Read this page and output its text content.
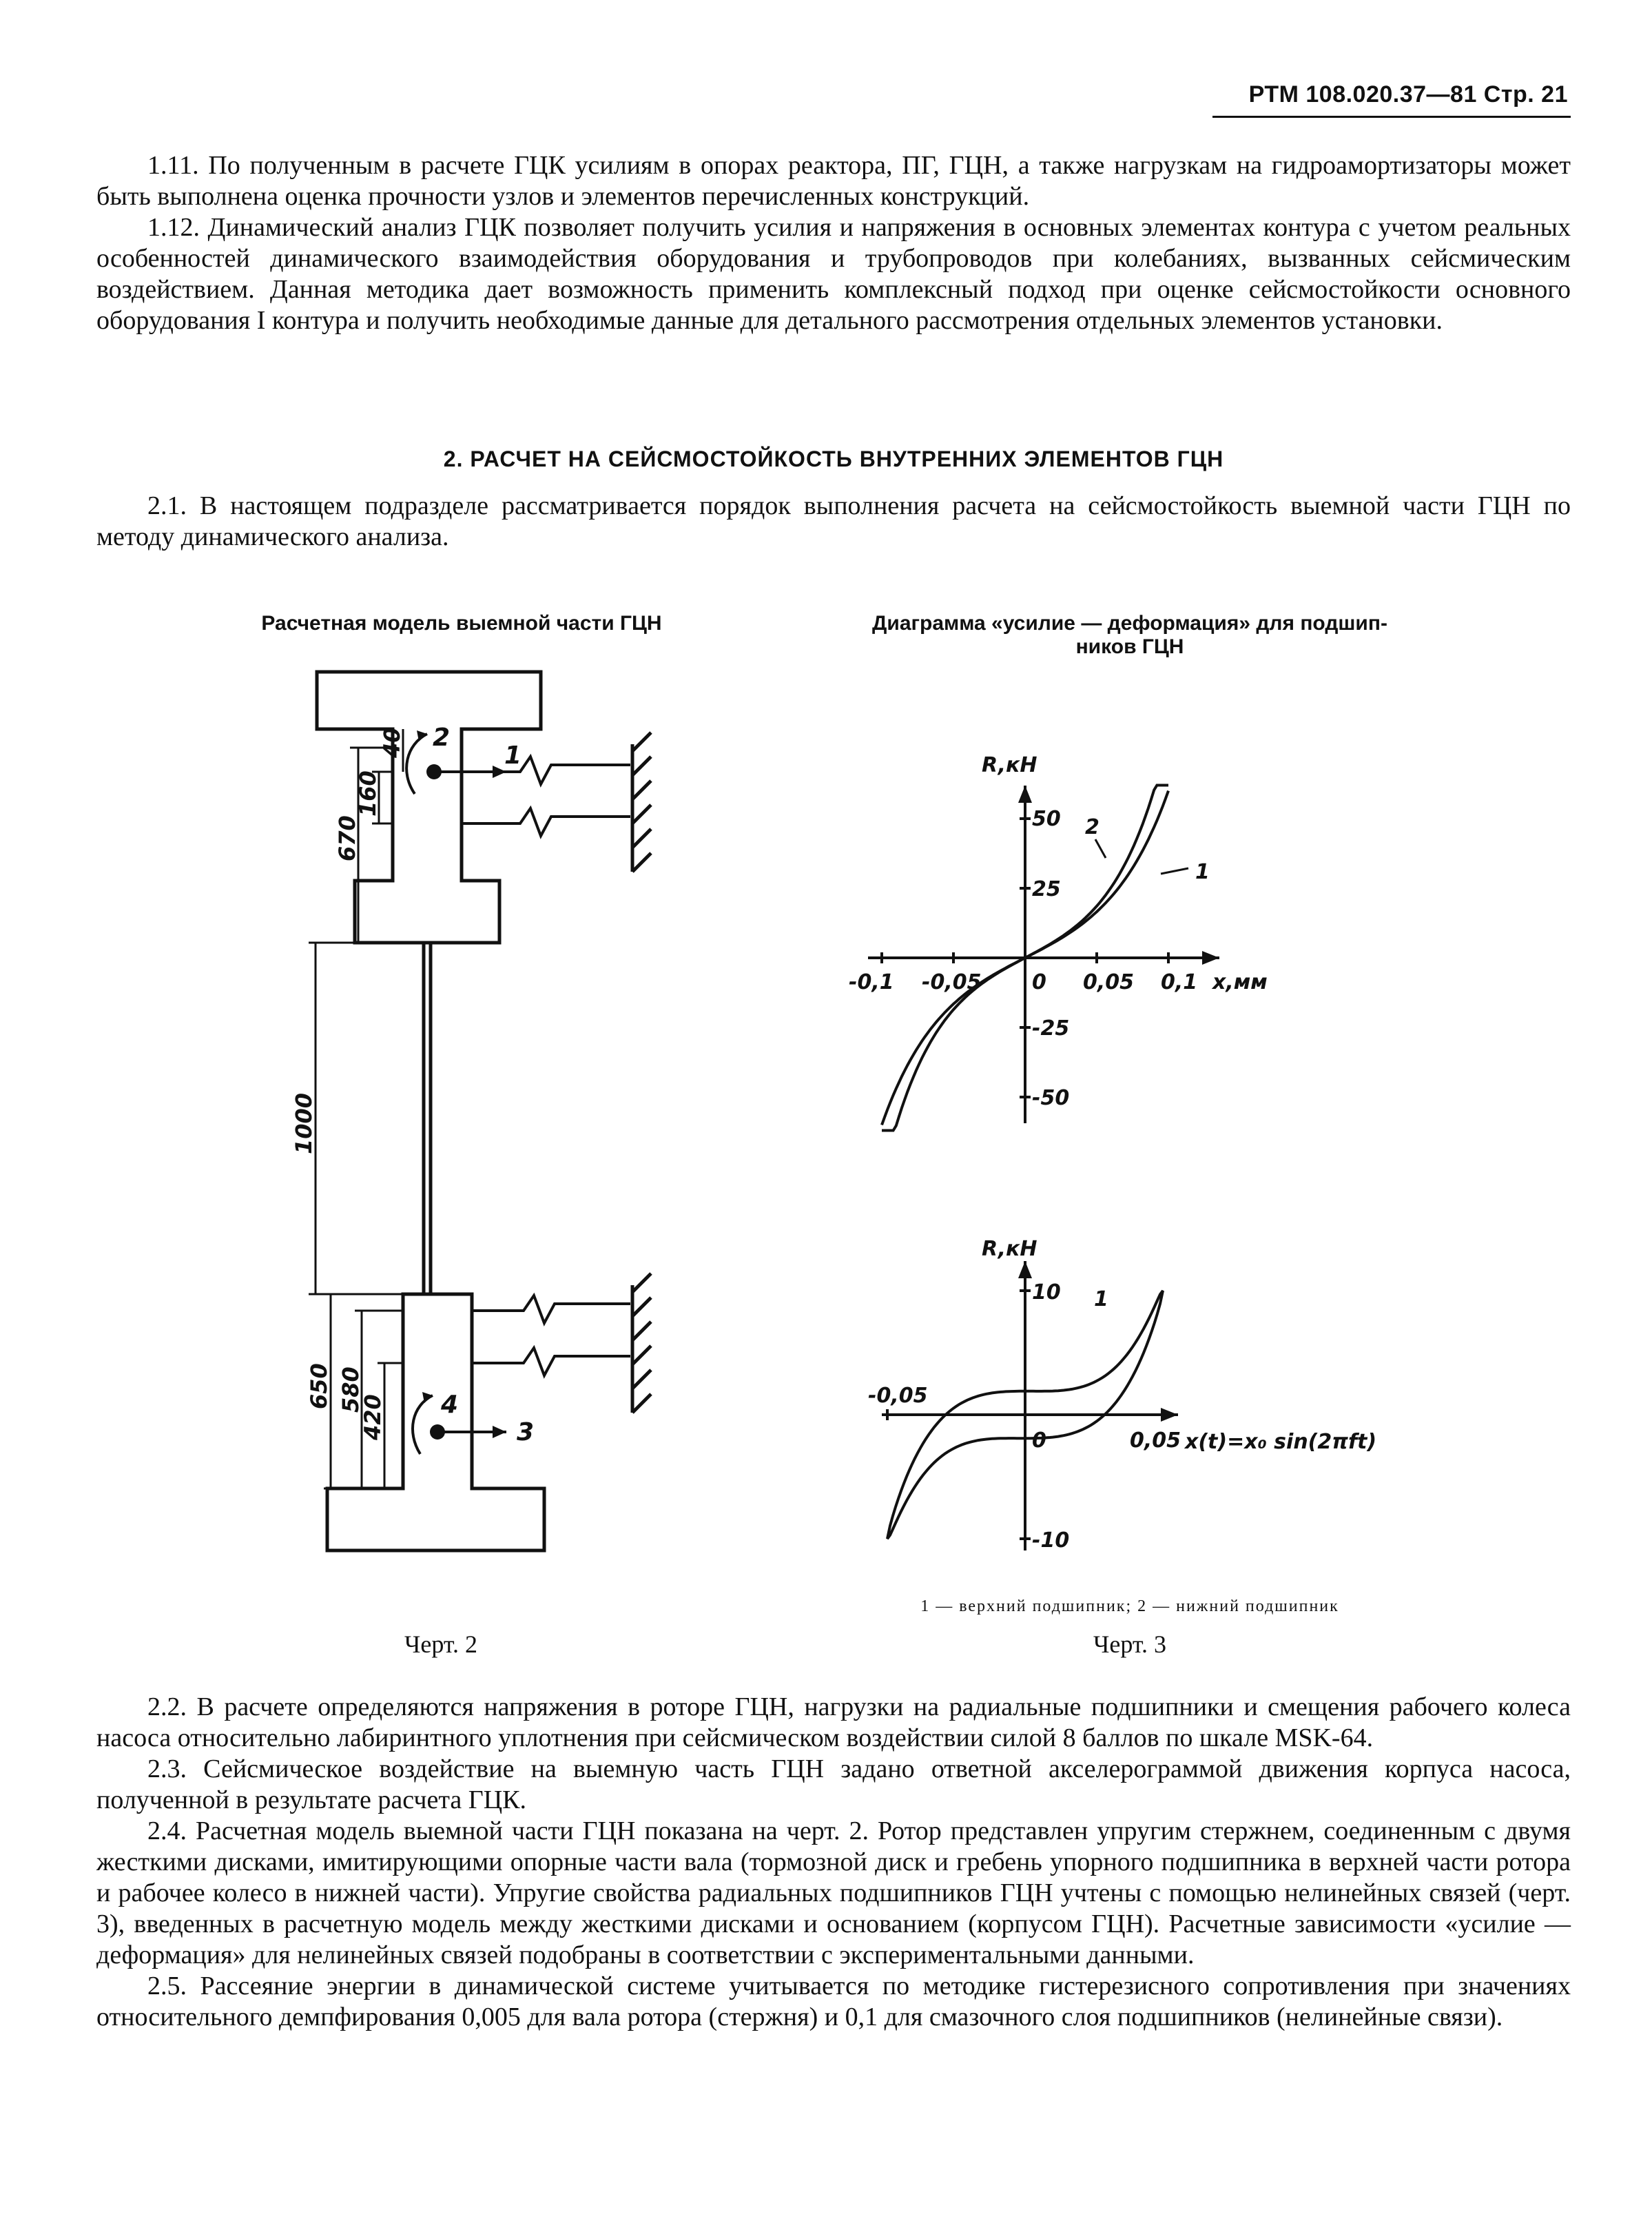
РТМ 108.020.37—81 Стр. 21

1.11. По полученным в расчете ГЦК усилиям в опорах реактора, ПГ, ГЦН, а также нагрузкам на гидроамортизаторы может быть выполнена оценка прочности узлов и элементов перечисленных конструкций.

1.12. Динамический анализ ГЦК позволяет получить усилия и напряжения в основных элементах контура с учетом реальных особенностей динамического взаимодействия оборудования и трубопроводов при колебаниях, вызванных сейсмическим воздействием. Данная методика дает возможность применить комплексный подход при оценке сейсмостойкости основного оборудования I контура и получить необходимые данные для детального рассмотрения отдельных элементов установки.

2. РАСЧЕТ НА СЕЙСМОСТОЙКОСТЬ ВНУТРЕННИХ ЭЛЕМЕНТОВ ГЦН

2.1. В настоящем подразделе рассматривается порядок выполнения расчета на сейсмостойкость выемной части ГЦН по методу динамического анализа.

Расчетная модель выемной части ГЦН	Диаграмма «усилие — деформация» для подшип-
ников ГЦН
670
160
40
1000
650 580
420
1
2
3
4
R,кН
x,мм
-0,1 -0,05 0 0,05 0,1
50
25
-25
-50
2
1
R,кН
x(t)=x₀ sin(2πft)
-0,05
0	0,05
10
-10
1
1 — верхний подшипник; 2 — нижний подшипник
Черт. 2	Черт. 3

2.2. В расчете определяются напряжения в роторе ГЦН, нагрузки на радиальные подшипники и смещения рабочего колеса насоса относительно лабиринтного уплотнения при сейсмическом воздействии силой 8 баллов по шкале MSK-64.

2.3. Сейсмическое воздействие на выемную часть ГЦН задано ответной акселерограммой движения корпуса насоса, полученной в результате расчета ГЦК.

2.4. Расчетная модель выемной части ГЦН показана на черт. 2. Ротор представлен упругим стержнем, соединенным с двумя жесткими дисками, имитирующими опорные части вала (тормозной диск и гребень упорного подшипника в верхней части ротора и рабочее колесо в нижней части). Упругие свойства радиальных подшипников ГЦН учтены с помощью нелинейных связей (черт. 3), введенных в расчетную модель между жесткими дисками и основанием (корпусом ГЦН). Расчетные зависимости «усилие — деформация» для нелинейных связей подобраны в соответствии с экспериментальными данными.

2.5. Рассеяние энергии в динамической системе учитывается по методике гистерезисного сопротивления при значениях относительного демпфирования 0,005 для вала ротора (стержня) и 0,1 для смазочного слоя подшипников (нелинейные связи).
